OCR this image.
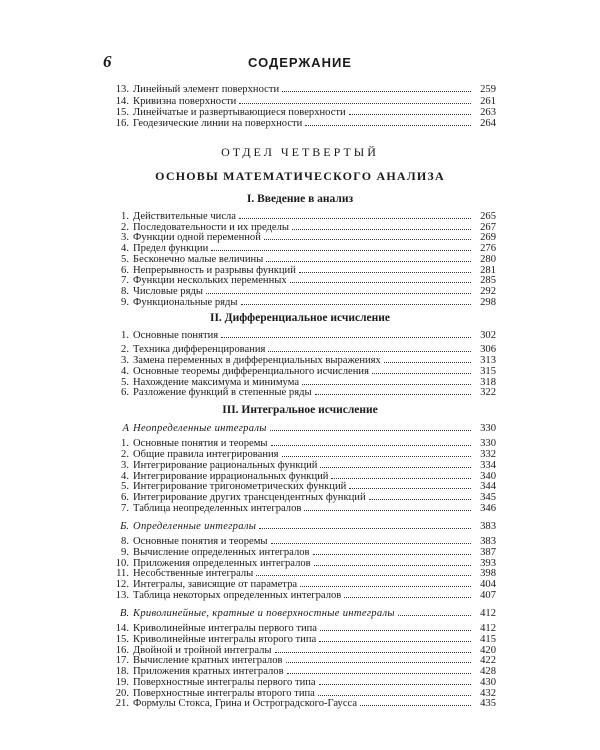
6	СОДЕРЖАНИЕ
13. Линейный элемент поверхности	259
14. Кривизна поверхности	261
15. Линейчатые и развертывающиеся поверхности	263
16. Геодезические линии на поверхности	264
ОТДЕЛ ЧЕТВЕРТЫЙ
ОСНОВЫ МАТЕМАТИЧЕСКОГО АНАЛИЗА
I. Введение в анализ
1. Действительные числа	265
2. Последовательности и их пределы	267
3. Функции одной переменной	269
4. Предел функции	276
5. Бесконечно малые величины	280
6. Непрерывность и разрывы функций	281
7. Функции нескольких переменных	285
8. Числовые ряды	292
9. Функциональные ряды	298
II. Дифференциальное исчисление
1. Основные понятия	302
2. Техника дифференцирования	306
3. Замена переменных в дифференциальных выражениях	313
4. Основные теоремы дифференциального исчисления	315
5. Нахождение максимума и минимума	318
6. Разложение функций в степенные ряды	322
III. Интегральное исчисление
A Неопределенные интегралы	330
1. Основные понятия и теоремы	330
2. Общие правила интегрирования	332
3. Интегрирование рациональных функций	334
4. Интегрирование иррациональных функций	340
5. Интегрирование тригонометрических функций	344
6. Интегрирование других трансцендентных функций	345
7. Таблица неопределенных интегралов	346
Б. Определенные интегралы	383
8. Основные понятия и теоремы	383
9. Вычисление определенных интегралов	387
10. Приложения определенных интегралов	393
11. Несобственные интегралы	398
12. Интегралы, зависящие от параметра	404
13. Таблица некоторых определенных интегралов	407
В. Криволинейные, кратные и поверхностные интегралы	412
14. Криволинейные интегралы первого типа	412
15. Криволинейные интегралы второго типа	415
16. Двойной и тройной интегралы	420
17. Вычисление кратных интегралов	422
18. Приложения кратных интегралов	428
19. Поверхностные интегралы первого типа	430
20. Поверхностные интегралы второго типа	432
21. Формулы Стокса, Грина и Остроградского-Гаусса	435
